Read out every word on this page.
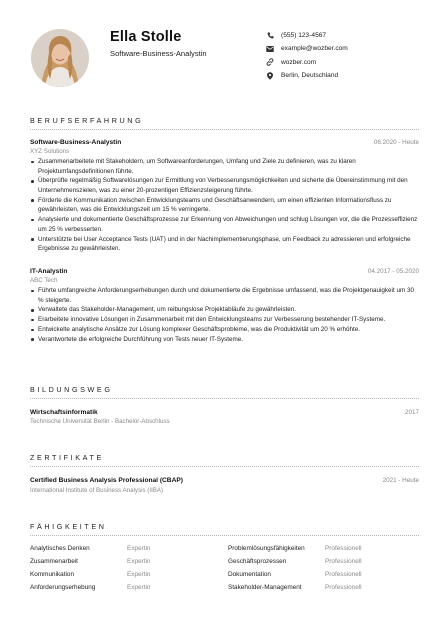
Ella Stolle
Software-Business-Analystin
(555) 123-4567
example@wozber.com
wozber.com
Berlin, Deutschland
BERUFSERFAHRUNG
Software-Business-Analystin	06.2020 - Heute
XYZ Solutions
Zusammenarbeitete mit Stakeholdern, um Softwareanforderungen, Umfang und Ziele zu definieren, was zu klaren Projektumfangsdefinitionen führte.
Überprüfte regelmäßig Softwarelösungen zur Ermittlung von Verbesserungsmöglichkeiten und sicherte die Übereinstimmung mit den Unternehmenszielen, was zu einer 20-prozentigen Effizienzsteigerung führte.
Förderte die Kommunikation zwischen Entwicklungsteams und Geschäftsanwendern, um einen effizienten Informationsfluss zu gewährleisten, was die Entwicklungszeit um 15 % verringerte.
Analysierte und dokumentierte Geschäftsprozesse zur Erkennung von Abweichungen und schlug Lösungen vor, die die Prozesseffizienz um 25 % verbesserten.
Unterstützte bei User Acceptance Tests (UAT) und in der Nachimplementierungsphase, um Feedback zu adressieren und erfolgreiche Ergebnisse zu gewährleisten.
IT-Analystin	04.2017 - 05.2020
ABC Tech
Führte umfangreiche Anforderungserhebungen durch und dokumentierte die Ergebnisse umfassend, was die Projektgenauigkeit um 30 % steigerte.
Verwaltete das Stakeholder-Management, um reibungslose Projektabläufe zu gewährleisten.
Erarbeitete innovative Lösungen in Zusammenarbeit mit den Entwicklungsteams zur Verbesserung bestehender IT-Systeme.
Entwickelte analytische Ansätze zur Lösung komplexer Geschäftsprobleme, was die Produktivität um 20 % erhöhte.
Verantwortete die erfolgreiche Durchführung von Tests neuer IT-Systeme.
BILDUNGSWEG
Wirtschaftsinformatik	2017
Technische Universität Berlin - Bachelor-Abschluss
ZERTIFIKATE
Certified Business Analysis Professional (CBAP)	2021 - Heute
International Institute of Business Analysis (IIBA)
FÄHIGKEITEN
Analytisches Denken	Expertin	Problemlösungsfähigkeiten	Professionell
Zusammenarbeit	Expertin	Geschäftsprozessen	Professionell
Kommunikation	Expertin	Dokumentation	Professionell
Anforderungserhebung	Expertin	Stakeholder-Management	Professionell
